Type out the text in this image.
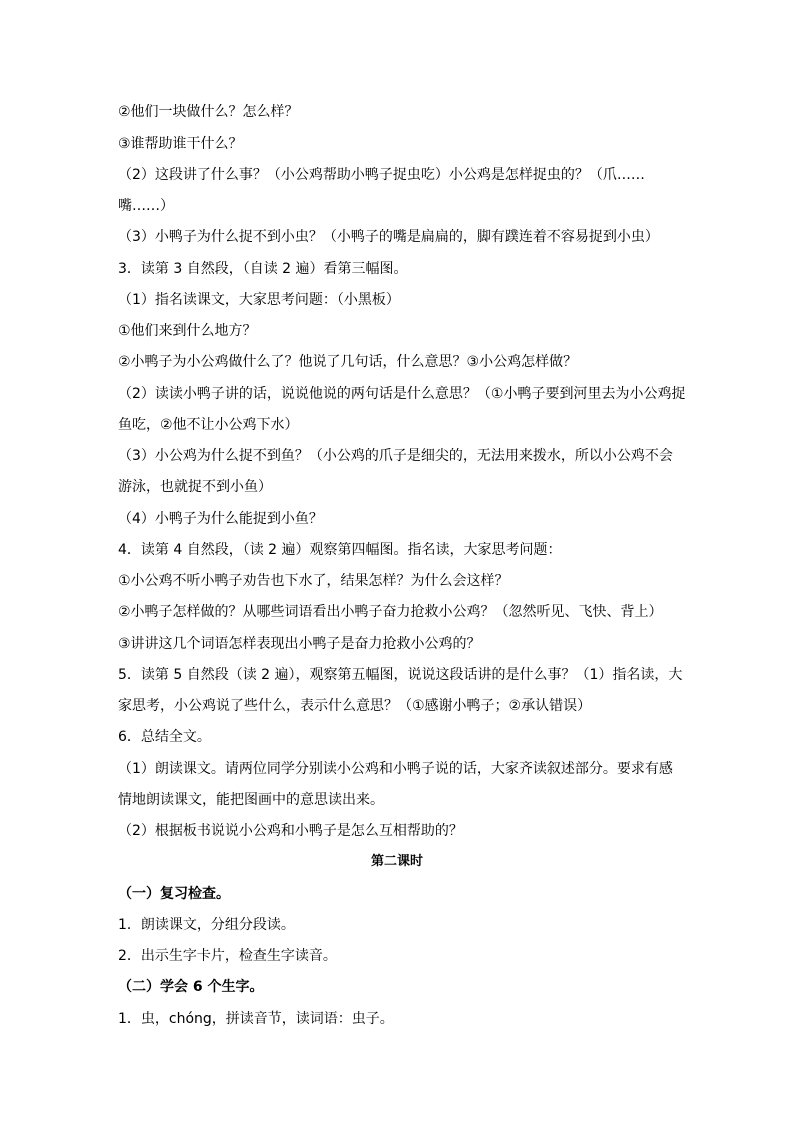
②他们一块做什么？怎么样？
③谁帮助谁干什么？
（2）这段讲了什么事？（小公鸡帮助小鸭子捉虫吃）小公鸡是怎样捉虫的？（爪……
嘴……）
（3）小鸭子为什么捉不到小虫？（小鸭子的嘴是扁扁的，脚有蹼连着不容易捉到小虫）
3．读第 3 自然段，（自读 2 遍）看第三幅图。
（1）指名读课文，大家思考问题：（小黑板）
①他们来到什么地方？
②小鸭子为小公鸡做什么了？他说了几句话，什么意思？③小公鸡怎样做？
（2）读读小鸭子讲的话，说说他说的两句话是什么意思？（①小鸭子要到河里去为小公鸡捉
鱼吃，②他不让小公鸡下水）
（3）小公鸡为什么捉不到鱼？（小公鸡的爪子是细尖的，无法用来拨水，所以小公鸡不会
游泳，也就捉不到小鱼）
（4）小鸭子为什么能捉到小鱼？
4．读第 4 自然段，（读 2 遍）观察第四幅图。指名读，大家思考问题：
①小公鸡不听小鸭子劝告也下水了，结果怎样？为什么会这样？
②小鸭子怎样做的？从哪些词语看出小鸭子奋力抢救小公鸡？（忽然听见、飞快、背上）
③讲讲这几个词语怎样表现出小鸭子是奋力抢救小公鸡的？
5．读第 5 自然段（读 2 遍），观察第五幅图，说说这段话讲的是什么事？（1）指名读，大
家思考，小公鸡说了些什么，表示什么意思？（①感谢小鸭子；②承认错误）
6．总结全文。
（1）朗读课文。请两位同学分别读小公鸡和小鸭子说的话，大家齐读叙述部分。要求有感
情地朗读课文，能把图画中的意思读出来。
（2）根据板书说说小公鸡和小鸭子是怎么互相帮助的？
第二课时
（一）复习检查。
1．朗读课文，分组分段读。
2．出示生字卡片，检查生字读音。
（二）学会 6 个生字。
1．虫，chóng，拼读音节，读词语：虫子。
